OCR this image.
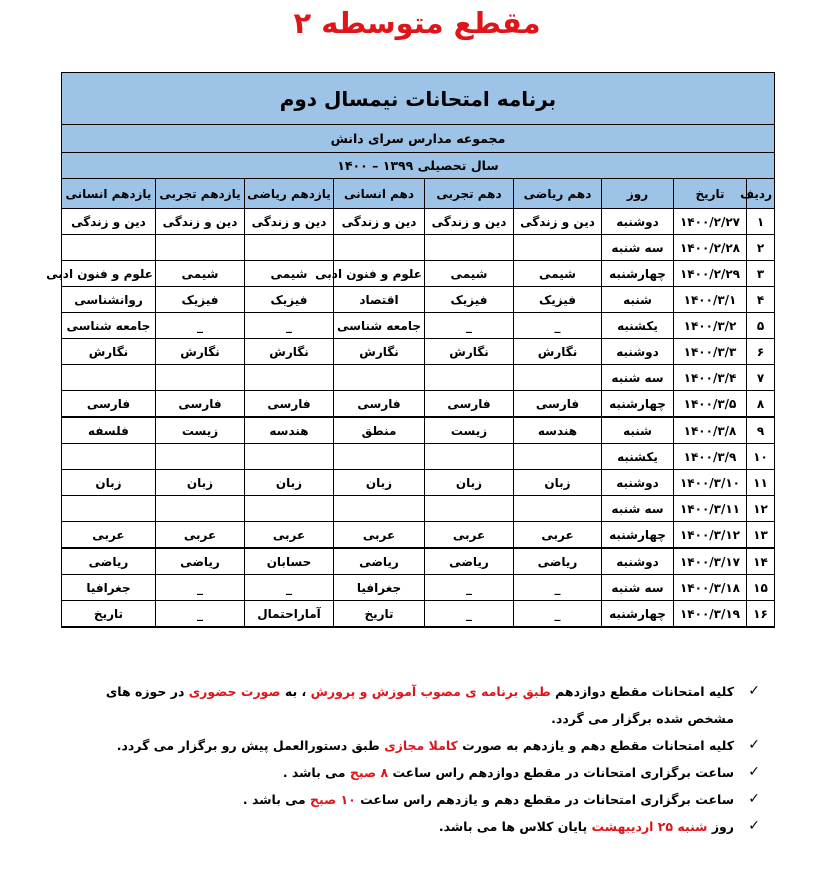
مقطع متوسطه ۲
برنامه امتحانات نیمسال دوم								
مجموعه مدارس سرای دانش								
سال تحصیلی ۱۳۹۹ – ۱۴۰۰								
ردیف	تاریخ	روز	دهم ریاضی	دهم تجربی	دهم انسانی	یازدهم ریاضی	یازدهم تجربی	یازدهم انسانی
۱	۱۴۰۰/۲/۲۷	دوشنبه	دین و زندگی	دین و زندگی	دین و زندگی	دین و زندگی	دین و زندگی	دین و زندگی
۲	۱۴۰۰/۲/۲۸	سه شنبه						
۳	۱۴۰۰/۲/۲۹	چهارشنبه	شیمی	شیمی	علوم و فنون ادبی	شیمی	شیمی	علوم و فنون ادبی
۴	۱۴۰۰/۳/۱	شنبه	فیزیک	فیزیک	اقتصاد	فیزیک	فیزیک	روانشناسی
۵	۱۴۰۰/۳/۲	یکشنبه	_	_	جامعه شناسی	_	_	جامعه شناسی
۶	۱۴۰۰/۳/۳	دوشنبه	نگارش	نگارش	نگارش	نگارش	نگارش	نگارش
۷	۱۴۰۰/۳/۴	سه شنبه						
۸	۱۴۰۰/۳/۵	چهارشنبه	فارسی	فارسی	فارسی	فارسی	فارسی	فارسی
۹	۱۴۰۰/۳/۸	شنبه	هندسه	زیست	منطق	هندسه	زیست	فلسفه
۱۰	۱۴۰۰/۳/۹	یکشنبه						
۱۱	۱۴۰۰/۳/۱۰	دوشنبه	زبان	زبان	زبان	زبان	زبان	زبان
۱۲	۱۴۰۰/۳/۱۱	سه شنبه						
۱۳	۱۴۰۰/۳/۱۲	چهارشنبه	عربی	عربی	عربی	عربی	عربی	عربی
۱۴	۱۴۰۰/۳/۱۷	دوشنبه	ریاضی	ریاضی	ریاضی	حسابان	ریاضی	ریاضی
۱۵	۱۴۰۰/۳/۱۸	سه شنبه	_	_	جغرافیا	_	_	جغرافیا
۱۶	۱۴۰۰/۳/۱۹	چهارشنبه	_	_	تاریخ	آماراحتمال	_	تاریخ
✓
کلیه امتحانات مقطع دوازدهم طبق برنامه ی مصوب آموزش و پرورش ، به صورت حضوری در حوزه های مشخص شده برگزار می گردد.
✓
کلیه امتحانات مقطع دهم و یازدهم به صورت کاملا مجازی طبق دستورالعمل پیش رو برگزار می گردد.
✓
ساعت برگزاری امتحانات در مقطع دوازدهم راس ساعت ۸ صبح می باشد .
✓
ساعت برگزاری امتحانات در مقطع دهم و یازدهم راس ساعت ۱۰ صبح می باشد .
✓
روز شنبه ۲۵ اردیبهشت پایان کلاس ها می باشد.
